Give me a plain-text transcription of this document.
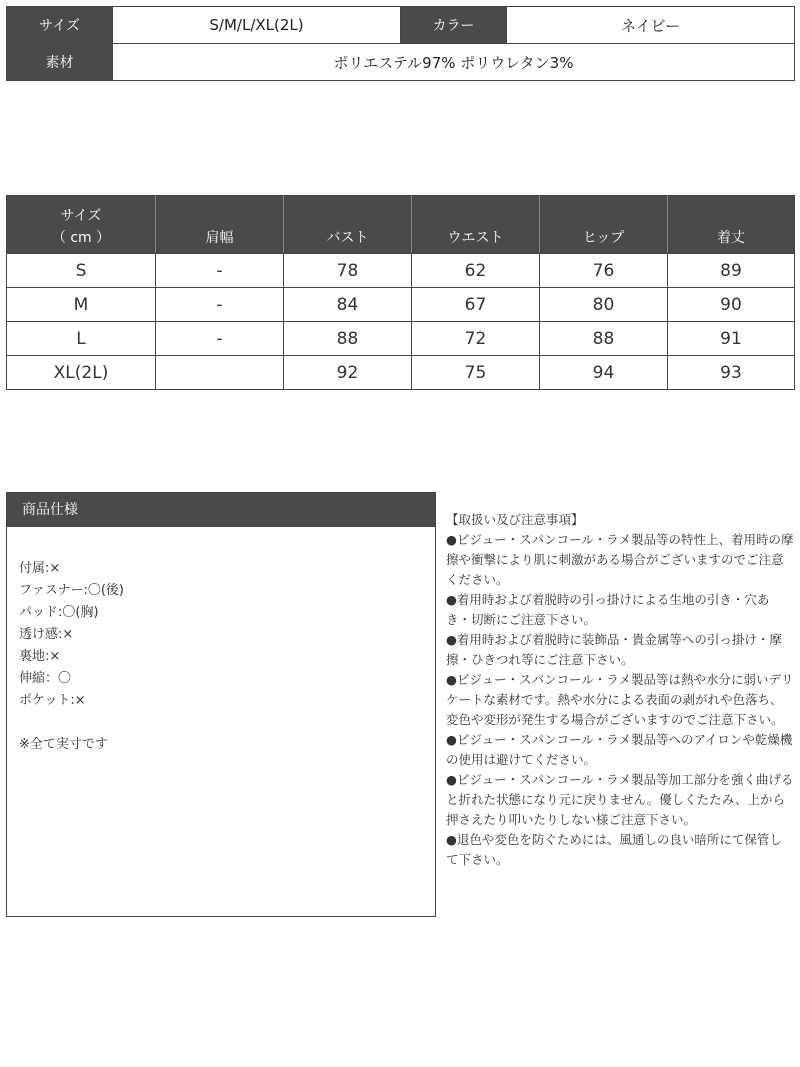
サイズ	S/M/L/XL(2L)	カラー	ネイビー
素材	ポリエステル97% ポリウレタン3%		
サイズ
（ cm ）	肩幅	バスト	ウエスト	ヒップ	着丈
S	-	78	62	76	89
M	-	84	67	80	90
L	-	88	72	88	91
XL(2L)		92	75	94	93
商品仕様
付属:×
ファスナー:〇(後)
パッド:〇(胸)
透け感:×
裏地:×
伸縮：〇
ポケット:×
※全て実寸です
【取扱い及び注意事項】
●ビジュー・スパンコール・ラメ製品等の特性上、着用時の摩擦や衝撃により肌に刺激がある場合がございますのでご注意ください。
●着用時および着脱時の引っ掛けによる生地の引き・穴あき・切断にご注意下さい。
●着用時および着脱時に装飾品・貴金属等への引っ掛け・摩擦・ひきつれ等にご注意下さい。
●ビジュー・スパンコール・ラメ製品等は熱や水分に弱いデリケートな素材です。熱や水分による表面の剥がれや色落ち、変色や変形が発生する場合がございますのでご注意下さい。
●ビジュー・スパンコール・ラメ製品等へのアイロンや乾燥機の使用は避けてください。
●ビジュー・スパンコール・ラメ製品等加工部分を強く曲げると折れた状態になり元に戻りません。優しくたたみ、上から押さえたり叩いたりしない様ご注意下さい。
●退色や変色を防ぐためには、風通しの良い暗所にて保管して下さい。
